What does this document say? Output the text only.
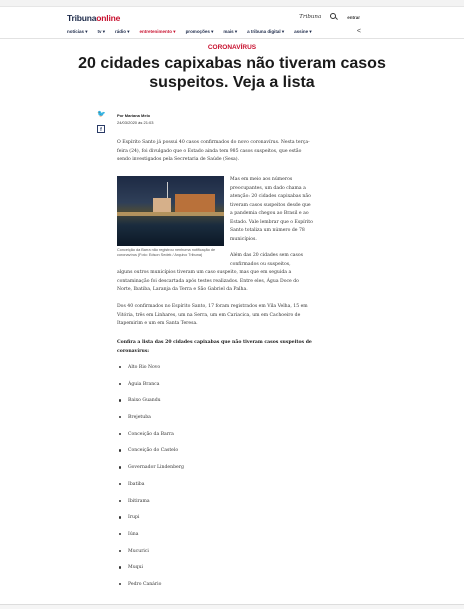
Tribunaonline	Tribuna	entrar
notícias ▾ tv ▾ rádio ▾ entretenimento ▾ promoções ▾ mais ▾ a tribuna digital ▾ assine ▾	<
CORONAVÍRUS
20 cidades capixabas não tiveram casos suspeitos. Veja a lista
🐦
f
Por Mariana Melo
24/03/2020 às 21:03

O Espírito Santo já possui 40 casos confirmados do novo coronavírus. Nesta terça-feira (24), foi divulgado que o Estado ainda tem 985 casos suspeitos, que estão sendo investigados pela Secretaria de Saúde (Sesa).

Conceição da Barra não registrou nenhuma notificação de coronavírus (Foto: Edson Sedek / Arquivo Tribuna)

Mas em meio aos números preocupantes, um dado chama a atenção: 20 cidades capixabas não tiveram casos suspeitos desde que a pandemia chegou ao Brasil e ao Estado. Vale lembrar que o Espírito Santo totaliza um número de 78 municípios.

Além das 20 cidades sem casos confirmados ou suspeitos,

alguns outros municípios tiveram um caso suspeito, mas que em seguida a contaminação foi descartada após testes realizados. Entre eles, Água Doce do Norte, Ibatiba, Laranja da Terra e São Gabriel da Palha.

Dos 40 confirmados no Espírito Santo, 17 foram registrados em Vila Velha, 15 em Vitória, três em Linhares, um na Serra, um em Cariacica, um em Cachoeiro de Itapemirim e um em Santa Teresa.

Confira a lista das 20 cidades capixabas que não tiveram casos suspeitos de coronavírus:

Alto Rio Novo
Águia Branca
Baixo Guandu
Brejetuba
Conceição da Barra
Conceição do Castelo
Governador Lindenberg
Ibatiba
Ibitirama
Irupi
Iúna
Mucurici
Muqui
Pedro Canário
